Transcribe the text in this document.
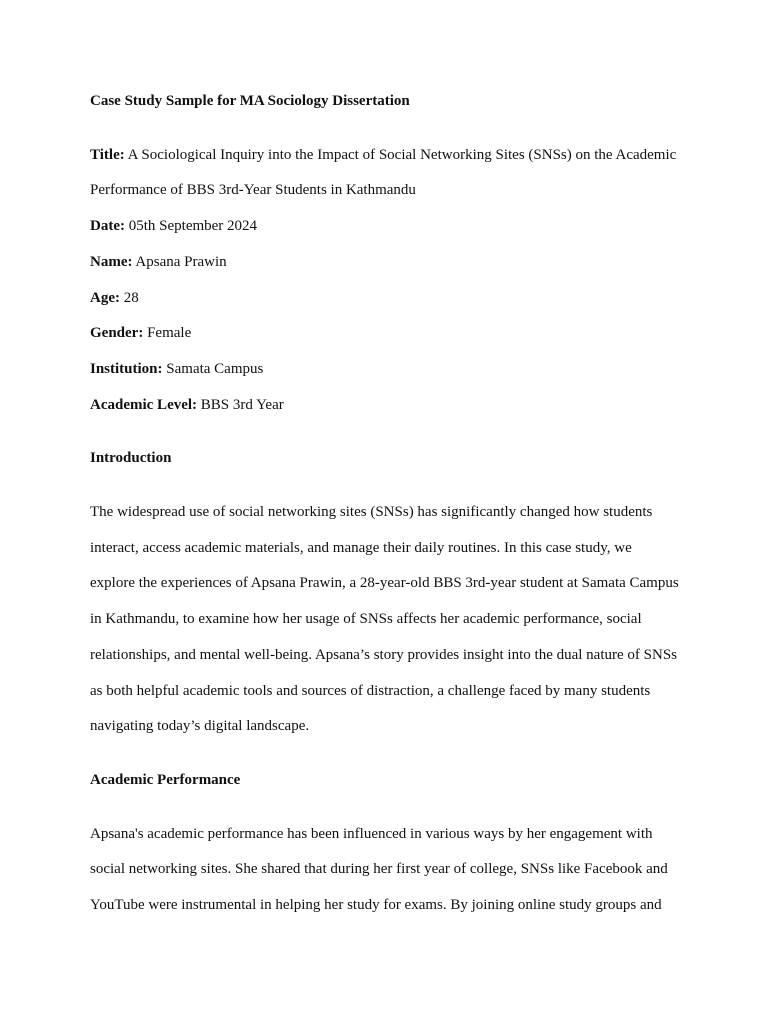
Case Study Sample for MA Sociology Dissertation

Title: A Sociological Inquiry into the Impact of Social Networking Sites (SNSs) on the Academic Performance of BBS 3rd-Year Students in Kathmandu

Date: 05th September 2024

Name: Apsana Prawin

Age: 28

Gender: Female

Institution: Samata Campus

Academic Level: BBS 3rd Year

Introduction

The widespread use of social networking sites (SNSs) has significantly changed how students interact, access academic materials, and manage their daily routines. In this case study, we explore the experiences of Apsana Prawin, a 28-year-old BBS 3rd-year student at Samata Campus in Kathmandu, to examine how her usage of SNSs affects her academic performance, social relationships, and mental well-being. Apsana’s story provides insight into the dual nature of SNSs as both helpful academic tools and sources of distraction, a challenge faced by many students navigating today’s digital landscape.

Academic Performance

Apsana's academic performance has been influenced in various ways by her engagement with social networking sites. She shared that during her first year of college, SNSs like Facebook and YouTube were instrumental in helping her study for exams. By joining online study groups and
